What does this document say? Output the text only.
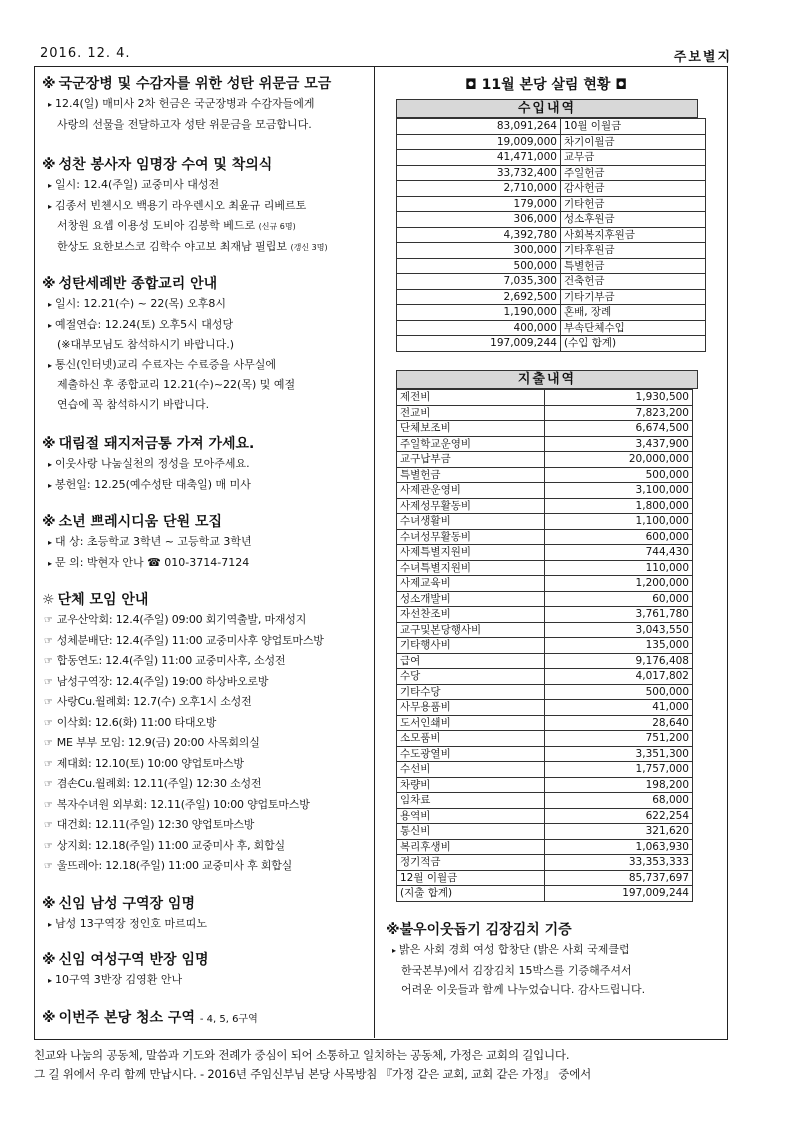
2016. 12. 4.	주보별지
※ 국군장병 및 수감자를 위한 성탄 위문금 모금
▸ 12.4(일) 매미사 2차 헌금은 국군장병과 수감자들에게
사랑의 선물을 전달하고자 성탄 위문금을 모금합니다.
※ 성찬 봉사자 임명장 수여 및 착의식
▸ 일시: 12.4(주일) 교중미사 대성전
▸ 김종서 빈첸시오 백용기 라우렌시오 최윤규 리베르토
서창원 요셉 이용성 도비아 김봉학 베드로 (신규 6명)
한상도 요한보스코 김학수 야고보 최재남 필립보 (갱신 3명)
※ 성탄세례반 종합교리 안내
▸ 일시: 12.21(수) ~ 22(목) 오후8시
▸ 예절연습: 12.24(토) 오후5시 대성당
(※대부모님도 참석하시기 바랍니다.)
▸ 통신(인터넷)교리 수료자는 수료증을 사무실에
제출하신 후 종합교리 12.21(수)~22(목) 및 예절
연습에 꼭 참석하시기 바랍니다.
※ 대림절 돼지저금통 가져 가세요.
▸ 이웃사랑 나눔실천의 정성을 모아주세요.
▸ 봉헌일: 12.25(예수성탄 대축일) 매 미사
※ 소년 쁘레시디움 단원 모집
▸ 대 상: 초등학교 3학년 ~ 고등학교 3학년
▸ 문 의: 박현자 안나 ☎ 010-3714-7124
☼ 단체 모임 안내
☞ 교우산악회: 12.4(주일) 09:00 회기역출발, 마재성지
☞ 성체분배단: 12.4(주일) 11:00 교중미사후 양업토마스방
☞ 합동연도: 12.4(주일) 11:00 교중미사후, 소성전
☞ 남성구역장: 12.4(주일) 19:00 하상바오로방
☞ 사랑Cu.월례회: 12.7(수) 오후1시 소성전
☞ 이삭회: 12.6(화) 11:00 타대오방
☞ ME 부부 모임: 12.9(금) 20:00 사목회의실
☞ 제대회: 12.10(토) 10:00 양업토마스방
☞ 겸손Cu.월례회: 12.11(주일) 12:30 소성전
☞ 복자수녀원 외부회: 12.11(주일) 10:00 양업토마스방
☞ 대건회: 12.11(주일) 12:30 양업토마스방
☞ 상지회: 12.18(주일) 11:00 교중미사 후, 회합실
☞ 울뜨레아: 12.18(주일) 11:00 교중미사 후 회합실
※ 신임 남성 구역장 임명
▸ 남성 13구역장 정인호 마르띠노
※ 신임 여성구역 반장 임명
▸ 10구역 3반장 김영환 안나
※ 이번주 본당 청소 구역 - 4, 5, 6구역
◘ 11월 본당 살림 현황 ◘
수입내역
83,091,264	10월 이월금
19,009,000	차기이월금
41,471,000	교무금
33,732,400	주일헌금
2,710,000	감사헌금
179,000	기타헌금
306,000	성소후원금
4,392,780	사회복지후원금
300,000	기타후원금
500,000	특별헌금
7,035,300	건축헌금
2,692,500	기타기부금
1,190,000	혼배, 장례
400,000	부속단체수입
197,009,244	(수입 합계)
지출내역
제전비	1,930,500
전교비	7,823,200
단체보조비	6,674,500
주일학교운영비	3,437,900
교구납부금	20,000,000
특별헌금	500,000
사제관운영비	3,100,000
사제성무활동비	1,800,000
수녀생활비	1,100,000
수녀성무활동비	600,000
사제특별지원비	744,430
수녀특별지원비	110,000
사제교육비	1,200,000
성소개발비	60,000
자선찬조비	3,761,780
교구및본당행사비	3,043,550
기타행사비	135,000
급여	9,176,408
수당	4,017,802
기타수당	500,000
사무용품비	41,000
도서인쇄비	28,640
소모품비	751,200
수도광열비	3,351,300
수선비	1,757,000
차량비	198,200
임차료	68,000
용역비	622,254
통신비	321,620
복리후생비	1,063,930
정기적금	33,353,333
12월 이월금	85,737,697
(지출 합계)	197,009,244
※불우이웃돕기 김장김치 기증
▸ 밝은 사회 경희 여성 합창단 (밝은 사회 국제클럽
한국본부)에서 김장김치 15박스를 기증해주셔서
어려운 이웃들과 함께 나누었습니다. 감사드립니다.
친교와 나눔의 공동체, 말씀과 기도와 전례가 중심이 되어 소통하고 일치하는 공동체, 가정은 교회의 길입니다.
그 길 위에서 우리 함께 만납시다. - 2016년 주임신부님 본당 사목방침 『가정 같은 교회, 교회 같은 가정』 중에서
